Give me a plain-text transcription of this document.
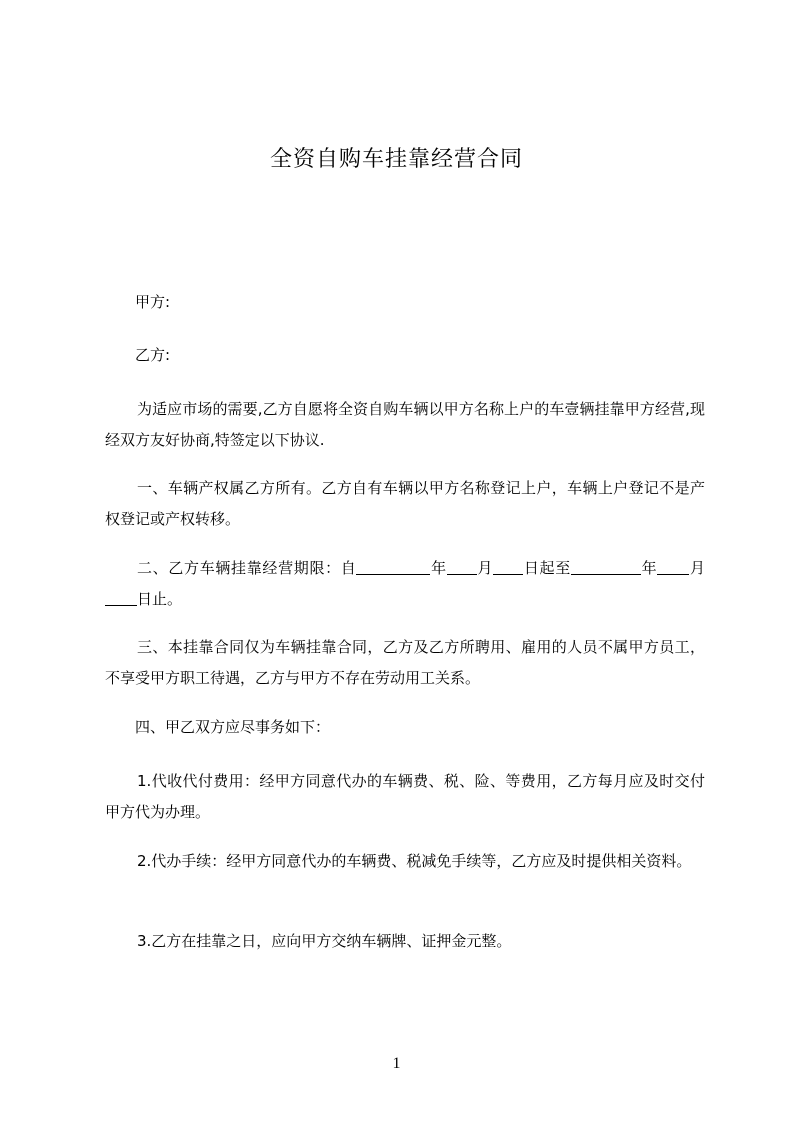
全资自购车挂靠经营合同
甲方:
乙方:
为适应市场的需要,乙方自愿将全资自购车辆以甲方名称上户的车壹辆挂靠甲方经营,现经双方友好协商,特签定以下协议.
一、车辆产权属乙方所有。乙方自有车辆以甲方名称登记上户，车辆上户登记不是产权登记或产权转移。
二、乙方车辆挂靠经营期限：自	年 月 日起至	年 月日止。
三、本挂靠合同仅为车辆挂靠合同，乙方及乙方所聘用、雇用的人员不属甲方员工，不享受甲方职工待遇，乙方与甲方不存在劳动用工关系。
四、甲乙双方应尽事务如下：
1.代收代付费用：经甲方同意代办的车辆费、税、险、等费用，乙方每月应及时交付甲方代为办理。
2.代办手续：经甲方同意代办的车辆费、税减免手续等，乙方应及时提供相关资料。
3.乙方在挂靠之日，应向甲方交纳车辆牌、证押金元整。
1
